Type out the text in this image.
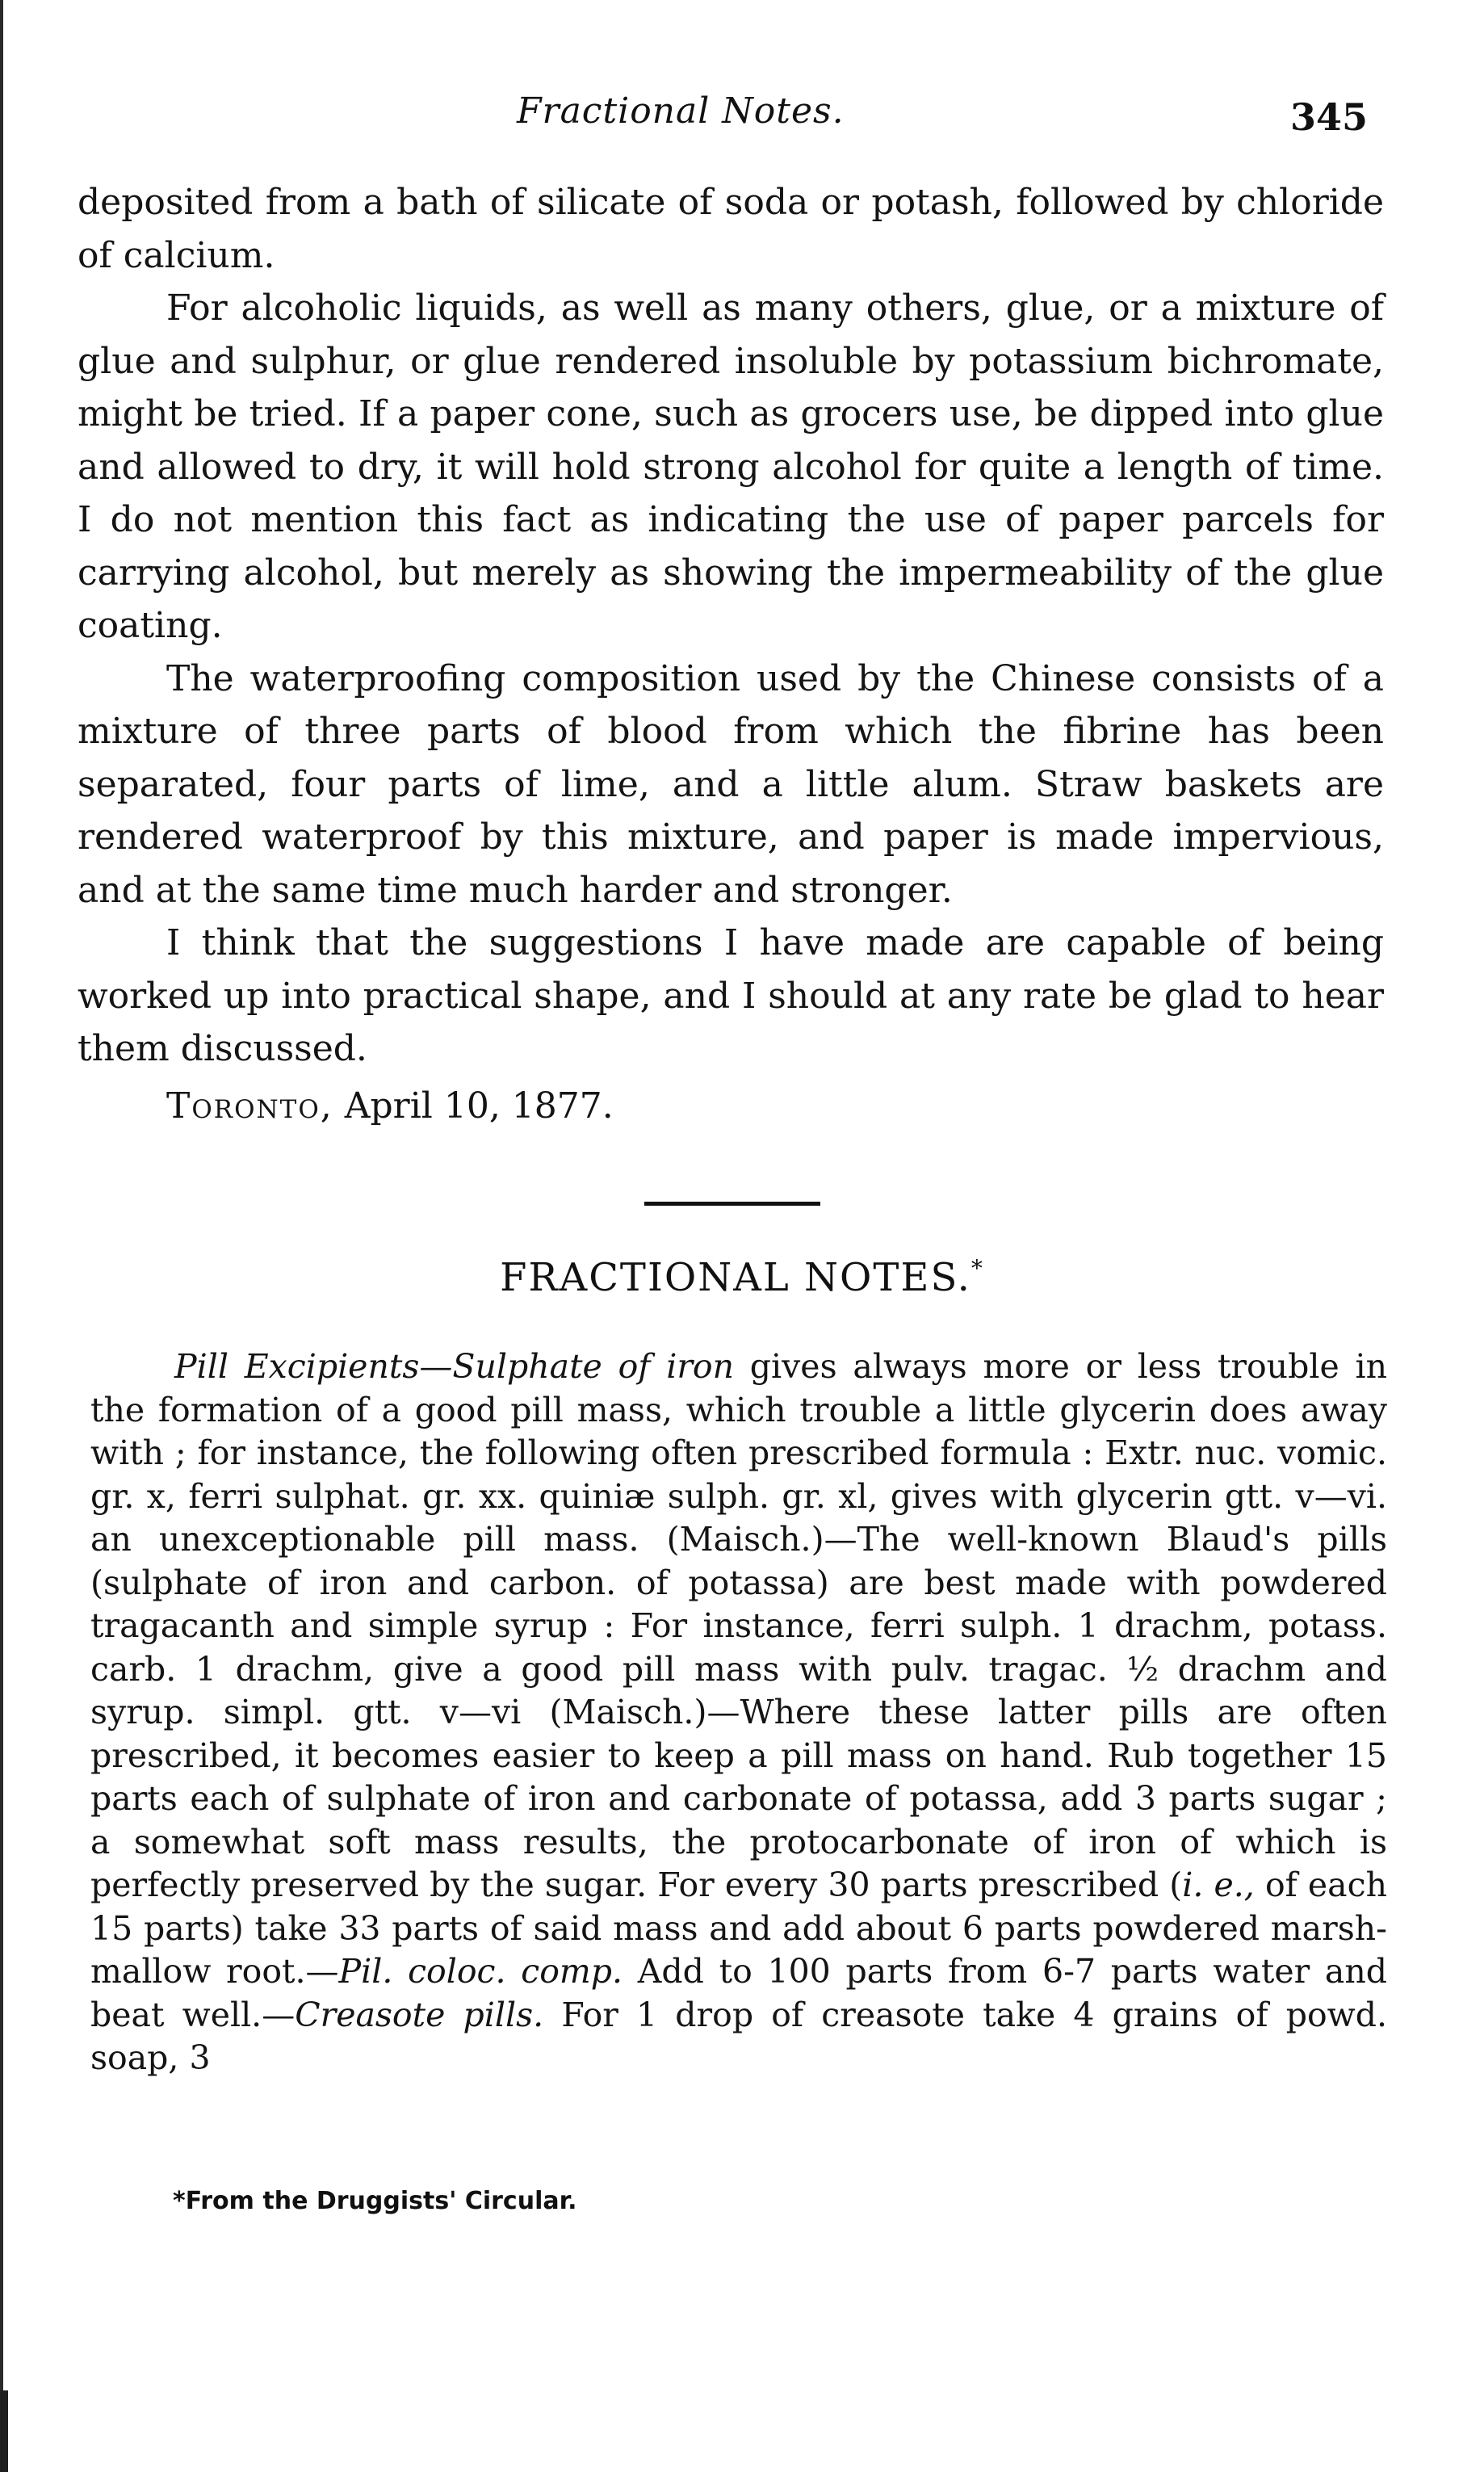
Fractional Notes.	345

deposited from a bath of silicate of soda or potash, followed by chloride of calcium.

For alcoholic liquids, as well as many others, glue, or a mixture of glue and sulphur, or glue rendered insoluble by potassium bichromate, might be tried. If a paper cone, such as grocers use, be dipped into glue and allowed to dry, it will hold strong alcohol for quite a length of time. I do not mention this fact as indicating the use of paper parcels for carrying alcohol, but merely as showing the impermeability of the glue coating.

The waterproofing composition used by the Chinese consists of a mixture of three parts of blood from which the fibrine has been separated, four parts of lime, and a little alum. Straw baskets are rendered waterproof by this mixture, and paper is made impervious, and at the same time much harder and stronger.

I think that the suggestions I have made are capable of being worked up into practical shape, and I should at any rate be glad to hear them discussed.

Toronto, April 10, 1877.
FRACTIONAL NOTES.*

Pill Excipients—Sulphate of iron gives always more or less trouble in the formation of a good pill mass, which trouble a little glycerin does away with ; for instance, the following often prescribed formula : Extr. nuc. vomic. gr. x, ferri sulphat. gr. xx. quiniæ sulph. gr. xl, gives with glycerin gtt. v—vi. an unexceptionable pill mass. (Maisch.)—The well-known Blaud's pills (sulphate of iron and carbon. of potassa) are best made with powdered tragacanth and simple syrup : For instance, ferri sulph. 1 drachm, potass. carb. 1 drachm, give a good pill mass with pulv. tragac. ½ drachm and syrup. simpl. gtt. v—vi (Maisch.)—Where these latter pills are often prescribed, it becomes easier to keep a pill mass on hand. Rub together 15 parts each of sulphate of iron and carbonate of potassa, add 3 parts sugar ; a somewhat soft mass results, the protocarbonate of iron of which is perfectly preserved by the sugar. For every 30 parts prescribed (i. e., of each 15 parts) take 33 parts of said mass and add about 6 parts powdered marsh-mallow root.—Pil. coloc. comp. Add to 100 parts from 6-7 parts water and beat well.—Creasote pills. For 1 drop of creasote take 4 grains of powd. soap, 3

*From the Druggists' Circular.
